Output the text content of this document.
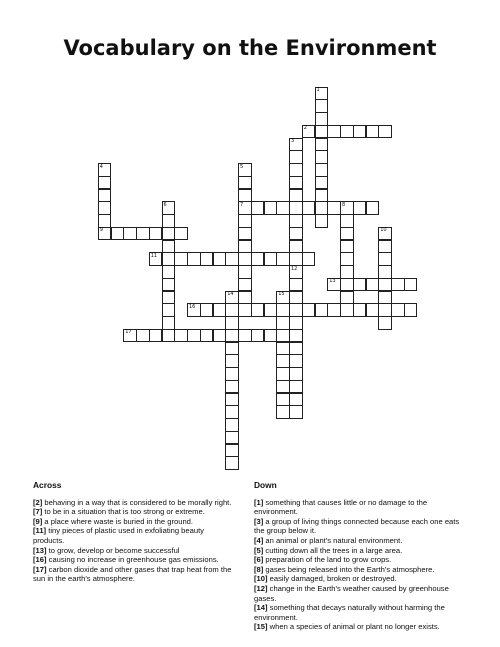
Vocabulary on the Environment
1
2
3
4
9
5
7
6	8
10
11
12
13
14	15
16
17
Across

[2] behaving in a way that is considered to be morally right.

[7] to be in a situation that is too strong or extreme.

[9] a place where waste is buried in the ground.

[11] tiny pieces of plastic used in exfoliating beauty products.

[13] to grow, develop or become successful

[16] causing no increase in greenhouse gas emissions.

[17] carbon dioxide and other gases that trap heat from the sun in the earth's atmosphere.

Down

[1] something that causes little or no damage to the environment.

[3] a group of living things connected because each one eats the group below it.

[4] an animal or plant's natural environment.

[5] cutting down all the trees in a large area.

[6] preparation of the land to grow crops.

[8] gases being released into the Earth's atmosphere.

[10] easily damaged, broken or destroyed.

[12] change in the Earth's weather caused by greenhouse gases.

[14] something that decays naturally without harming the environment.

[15] when a species of animal or plant no longer exists.
